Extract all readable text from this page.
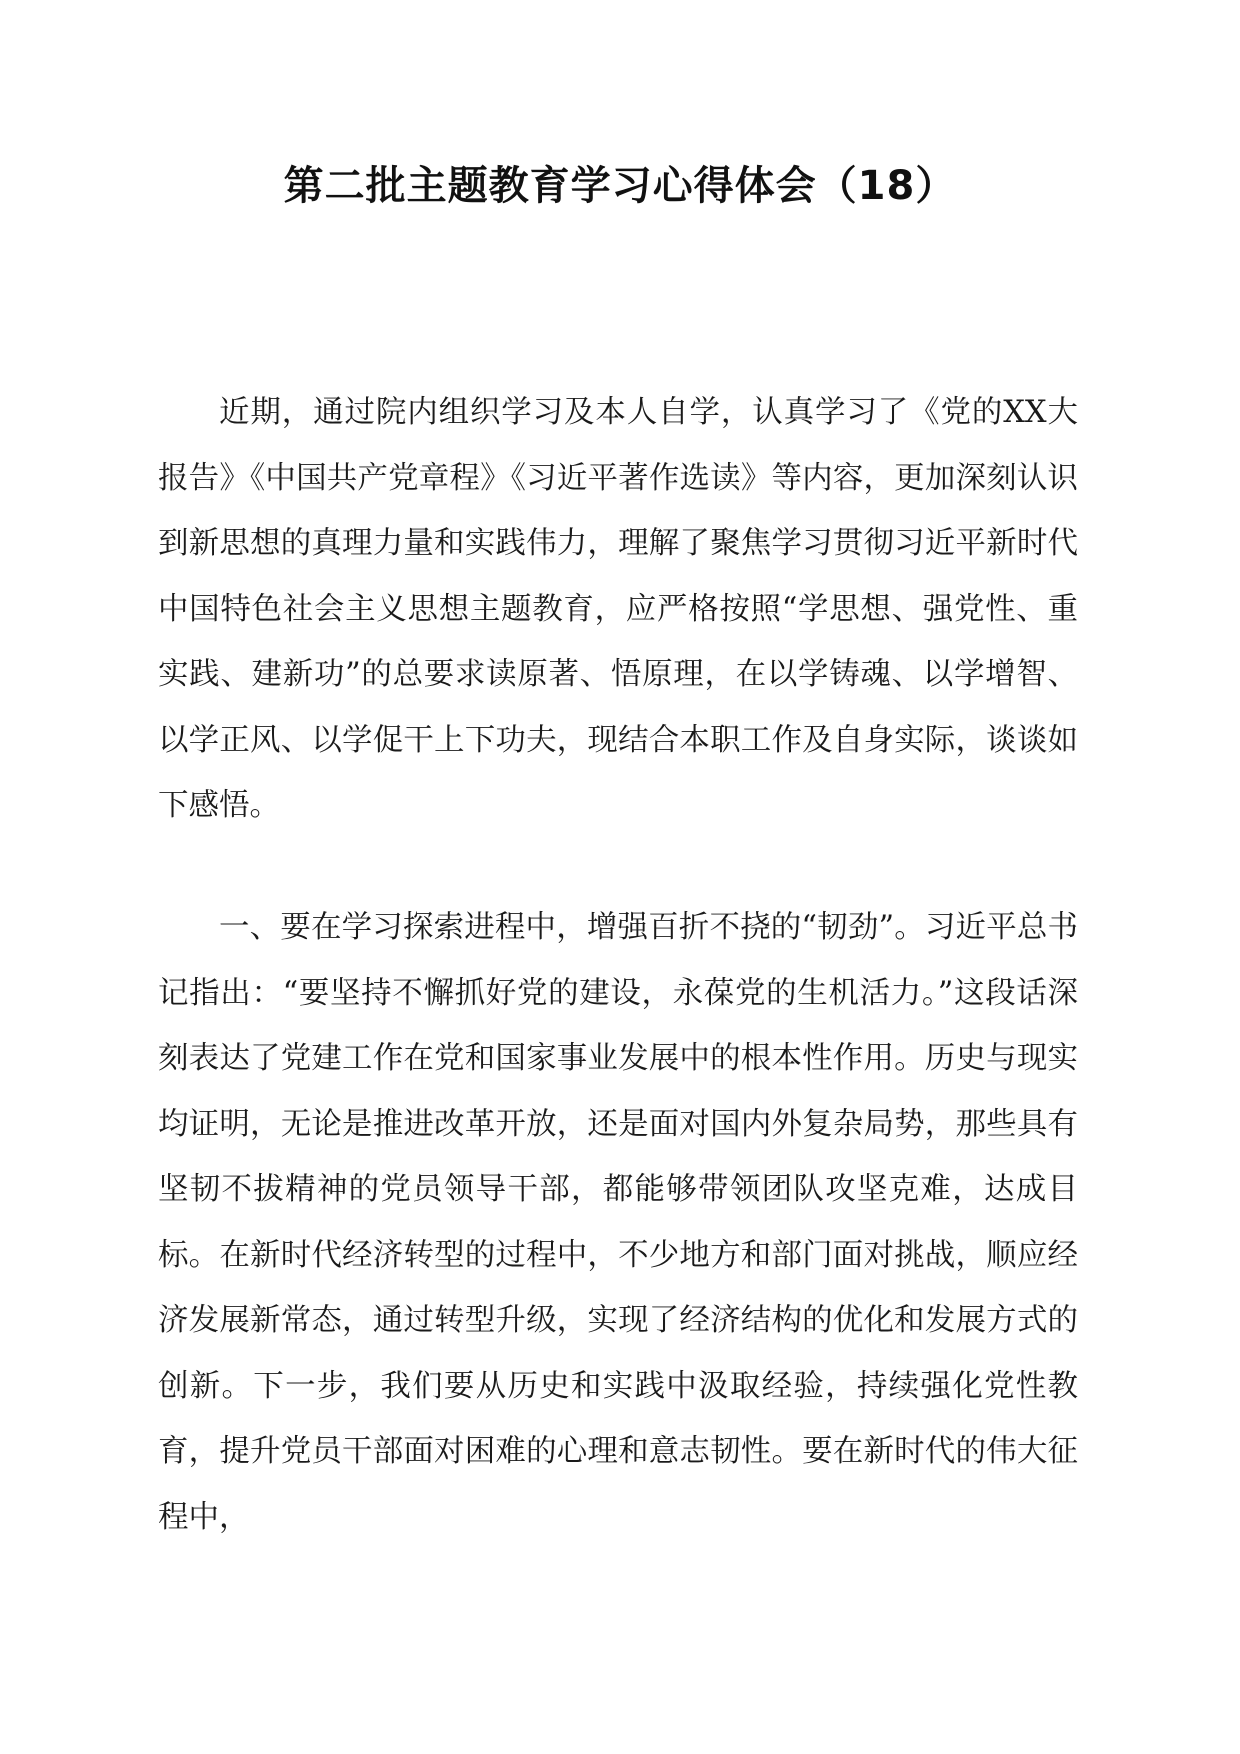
第二批主题教育学习心得体会（18）

近期，通过院内组织学习及本人自学，认真学习了《党的XX大报告》《中国共产党章程》《习近平著作选读》等内容，更加深刻认识到新思想的真理力量和实践伟力，理解了聚焦学习贯彻习近平新时代中国特色社会主义思想主题教育，应严格按照“学思想、强党性、重实践、建新功”的总要求读原著、悟原理，在以学铸魂、以学增智、以学正风、以学促干上下功夫，现结合本职工作及自身实际，谈谈如下感悟。

一、要在学习探索进程中，增强百折不挠的“韧劲”。习近平总书记指出：“要坚持不懈抓好党的建设，永葆党的生机活力。”这段话深刻表达了党建工作在党和国家事业发展中的根本性作用。历史与现实均证明，无论是推进改革开放，还是面对国内外复杂局势，那些具有坚韧不拔精神的党员领导干部，都能够带领团队攻坚克难，达成目标。在新时代经济转型的过程中，不少地方和部门面对挑战，顺应经济发展新常态，通过转型升级，实现了经济结构的优化和发展方式的创新。下一步，我们要从历史和实践中汲取经验，持续强化党性教育，提升党员干部面对困难的心理和意志韧性。要在新时代的伟大征程中，
